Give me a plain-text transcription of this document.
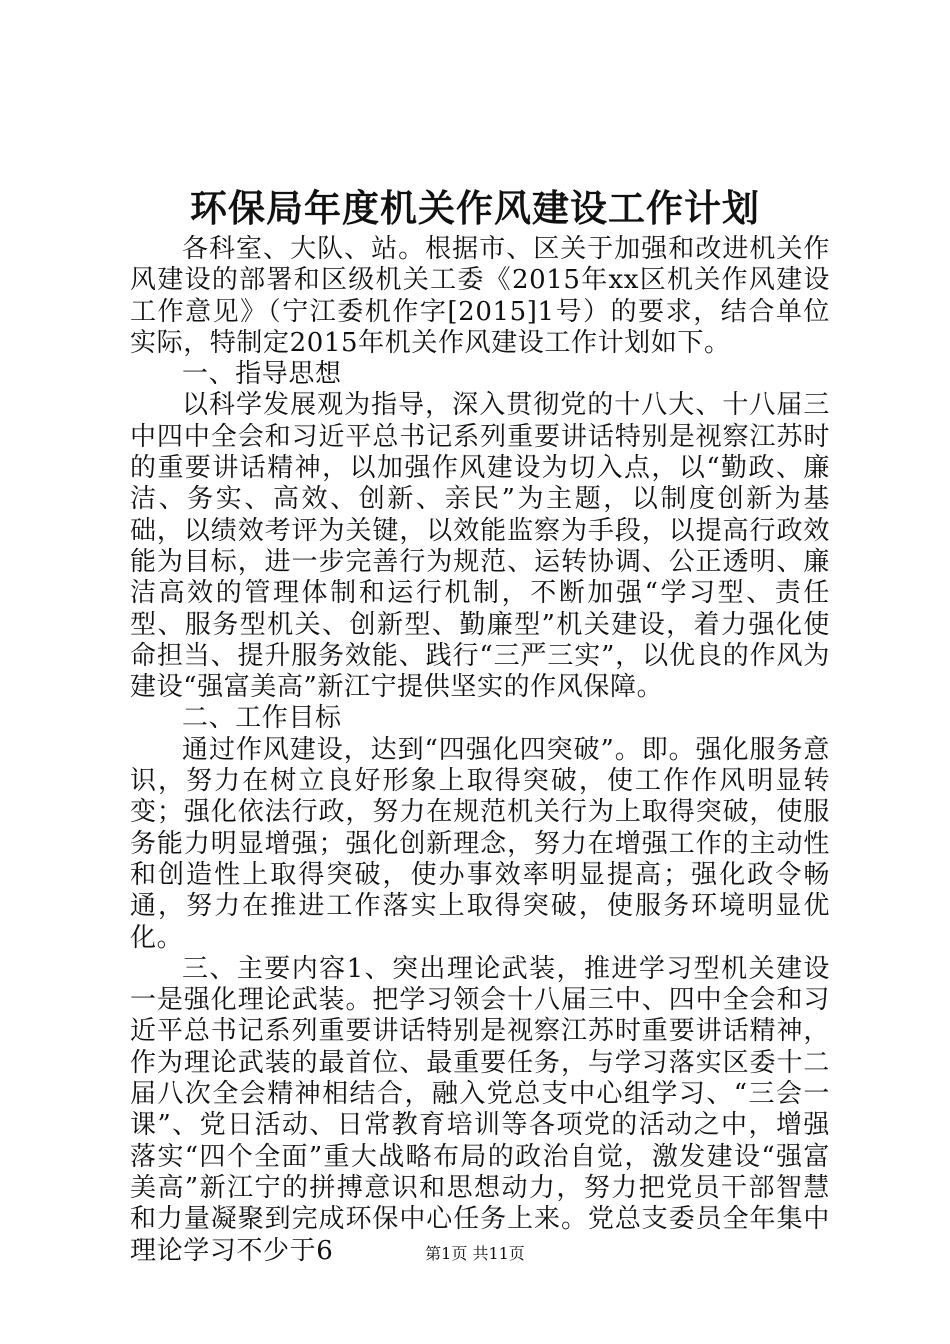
环保局年度机关作风建设工作计划

各科室、大队、站。根据市、区关于加强和改进机关作风建设的部署和区级机关工委《2015年xx区机关作风建设工作意见》（宁江委机作字[2015]1号）的要求，结合单位实际，特制定2015年机关作风建设工作计划如下。

一、指导思想

以科学发展观为指导，深入贯彻党的十八大、十八届三中四中全会和习近平总书记系列重要讲话特别是视察江苏时的重要讲话精神，以加强作风建设为切入点，以“勤政、廉洁、务实、高效、创新、亲民”为主题，以制度创新为基础，以绩效考评为关键，以效能监察为手段，以提高行政效能为目标，进一步完善行为规范、运转协调、公正透明、廉洁高效的管理体制和运行机制，不断加强“学习型、责任型、服务型机关、创新型、勤廉型”机关建设，着力强化使命担当、提升服务效能、践行“三严三实”，以优良的作风为建设“强富美高”新江宁提供坚实的作风保障。

二、工作目标

通过作风建设，达到“四强化四突破”。即。强化服务意识，努力在树立良好形象上取得突破，使工作作风明显转变；强化依法行政，努力在规范机关行为上取得突破，使服务能力明显增强；强化创新理念，努力在增强工作的主动性和创造性上取得突破，使办事效率明显提高；强化政令畅通，努力在推进工作落实上取得突破，使服务环境明显优化。

三、主要内容1、突出理论武装，推进学习型机关建设一是强化理论武装。把学习领会十八届三中、四中全会和习近平总书记系列重要讲话特别是视察江苏时重要讲话精神，作为理论武装的最首位、最重要任务，与学习落实区委十二届八次全会精神相结合，融入党总支中心组学习、“三会一课”、党日活动、日常教育培训等各项党的活动之中，增强落实“四个全面”重大战略布局的政治自觉，激发建设“强富美高”新江宁的拼搏意识和思想动力，努力把党员干部智慧和力量凝聚到完成环保中心任务上来。党总支委员全年集中理论学习不少于6	第1页 共11页
